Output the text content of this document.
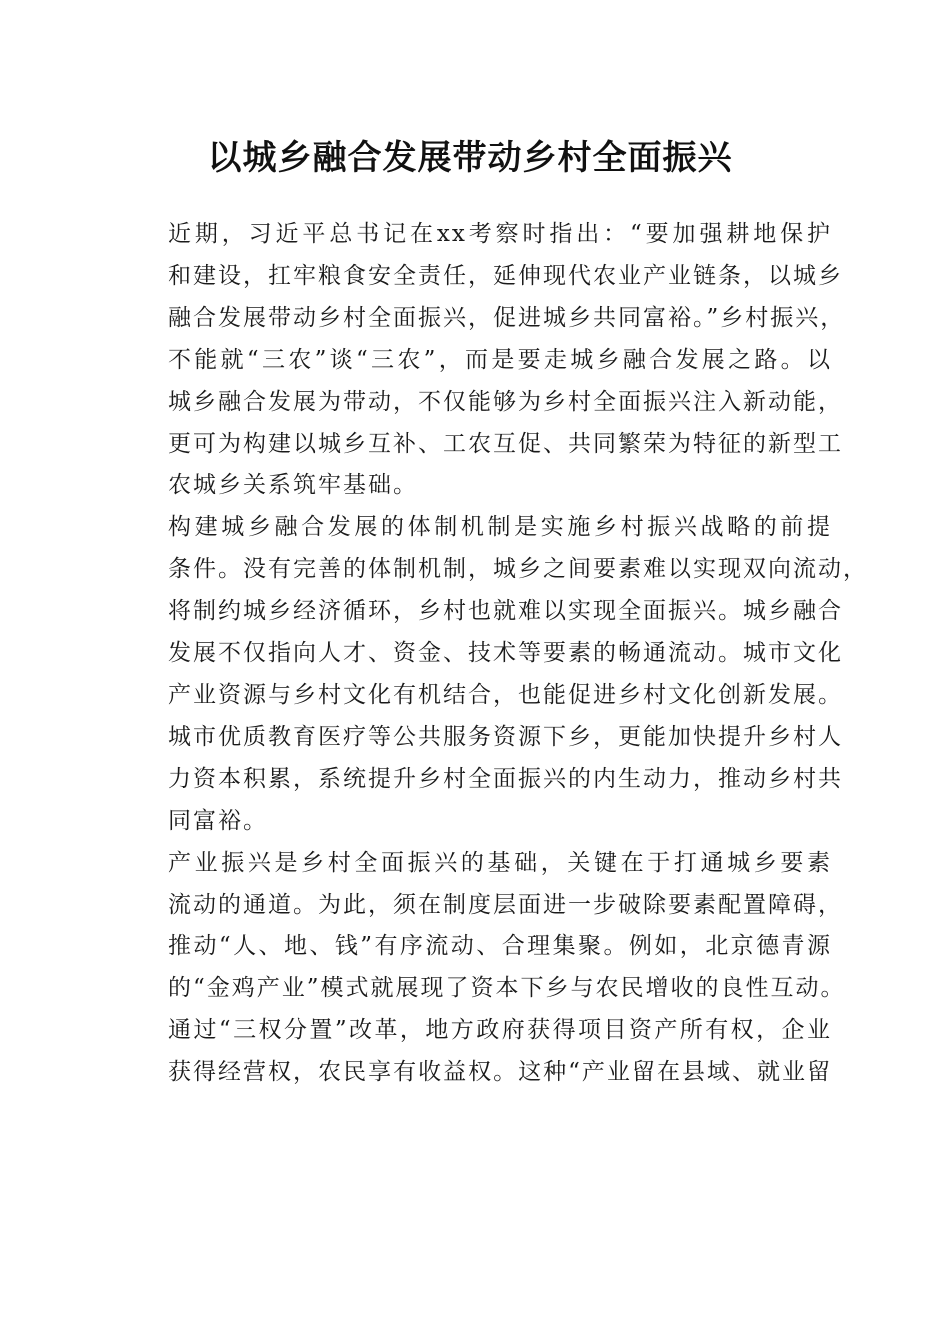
以城乡融合发展带动乡村全面振兴

近期，习近平总书记在xx考察时指出：“要加强耕地保护
和建设，扛牢粮食安全责任，延伸现代农业产业链条，以城乡
融合发展带动乡村全面振兴，促进城乡共同富裕。”乡村振兴，
不能就“三农”谈“三农”，而是要走城乡融合发展之路。以
城乡融合发展为带动，不仅能够为乡村全面振兴注入新动能，
更可为构建以城乡互补、工农互促、共同繁荣为特征的新型工
农城乡关系筑牢基础。

构建城乡融合发展的体制机制是实施乡村振兴战略的前提
条件。没有完善的体制机制，城乡之间要素难以实现双向流动，
将制约城乡经济循环，乡村也就难以实现全面振兴。城乡融合
发展不仅指向人才、资金、技术等要素的畅通流动。城市文化
产业资源与乡村文化有机结合，也能促进乡村文化创新发展。
城市优质教育医疗等公共服务资源下乡，更能加快提升乡村人
力资本积累，系统提升乡村全面振兴的内生动力，推动乡村共
同富裕。

产业振兴是乡村全面振兴的基础，关键在于打通城乡要素
流动的通道。为此，须在制度层面进一步破除要素配置障碍，
推动“人、地、钱”有序流动、合理集聚。例如，北京德青源
的“金鸡产业”模式就展现了资本下乡与农民增收的良性互动。
通过“三权分置”改革，地方政府获得项目资产所有权，企业
获得经营权，农民享有收益权。这种“产业留在县域、就业留
